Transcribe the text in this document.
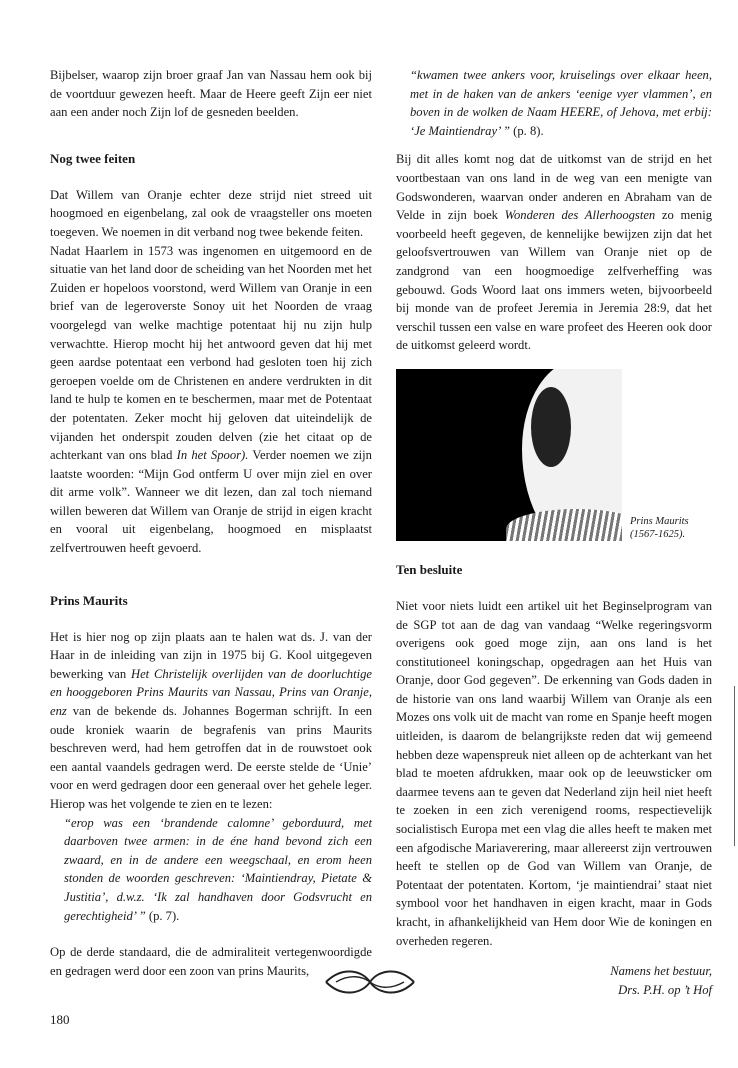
Bijbelser, waarop zijn broer graaf Jan van Nassau hem ook bij de voortduur gewezen heeft. Maar de Heere geeft Zijn eer niet aan een ander noch Zijn lof de gesneden beelden.

Nog twee feiten

Dat Willem van Oranje echter deze strijd niet streed uit hoogmoed en eigenbelang, zal ook de vraagsteller ons moeten toegeven. We noemen in dit verband nog twee bekende feiten.

Nadat Haarlem in 1573 was ingenomen en uitgemoord en de situatie van het land door de scheiding van het Noorden met het Zuiden er hopeloos voorstond, werd Willem van Oranje in een brief van de legeroverste Sonoy uit het Noorden de vraag voorgelegd van welke machtige potentaat hij nu zijn hulp verwachtte. Hierop mocht hij het antwoord geven dat hij met geen aardse potentaat een verbond had gesloten toen hij zich geroepen voelde om de Christenen en andere verdrukten in dit land te hulp te komen en te beschermen, maar met de Potentaat der potentaten. Zeker mocht hij geloven dat uiteindelijk de vijanden het onderspit zouden delven (zie het citaat op de achterkant van ons blad In het Spoor). Verder noemen we zijn laatste woorden: “Mijn God ontferm U over mijn ziel en over dit arme volk”. Wanneer we dit lezen, dan zal toch niemand willen beweren dat Willem van Oranje de strijd in eigen kracht en vooral uit eigenbelang, hoogmoed en misplaatst zelfvertrouwen heeft gevoerd.

Prins Maurits

Het is hier nog op zijn plaats aan te halen wat ds. J. van der Haar in de inleiding van zijn in 1975 bij G. Kool uitgegeven bewerking van Het Christelijk overlijden van de doorluchtige en hooggeboren Prins Maurits van Nassau, Prins van Oranje, enz van de bekende ds. Johannes Bogerman schrijft. In een oude kroniek waarin de begrafenis van prins Maurits beschreven werd, had hem getroffen dat in de rouwstoet ook een aantal vaandels gedragen werd. De eerste stelde de ‘Unie’ voor en werd gedragen door een generaal over het gehele leger. Hierop was het volgende te zien en te lezen:

“erop was een ‘brandende calomne’ geborduurd, met daarboven twee armen: in de éne hand bevond zich een zwaard, en in de andere een weegschaal, en erom heen stonden de woorden geschreven: ‘Maintiendray, Pietate & Justitia’, d.w.z. ‘Ik zal handhaven door Godsvrucht en gerechtigheid’ ” (p. 7).

Op de derde standaard, die de admiraliteit vertegenwoordigde en gedragen werd door een zoon van prins Maurits,

“kwamen twee ankers voor, kruiselings over elkaar heen, met in de haken van de ankers ‘eenige vyer vlammen’, en boven in de wolken de Naam HEERE, of Jehova, met erbij: ‘Je Maintiendray’ ” (p. 8).

Bij dit alles komt nog dat de uitkomst van de strijd en het voortbestaan van ons land in de weg van een menigte van Godswonderen, waarvan onder anderen en Abraham van de Velde in zijn boek Wonderen des Allerhoogsten zo menig voorbeeld heeft gegeven, de kennelijke bewijzen zijn dat het geloofsvertrouwen van Willem van Oranje niet op de zandgrond van een hoogmoedige zelfverheffing was gebouwd. Gods Woord laat ons immers weten, bijvoorbeeld bij monde van de profeet Jeremia in Jeremia 28:9, dat het verschil tussen een valse en ware profeet des Heeren ook door de uitkomst geleerd wordt.

Prins Maurits
(1567-1625).
Ten besluite

Niet voor niets luidt een artikel uit het Beginselprogram van de SGP tot aan de dag van vandaag “Welke regeringsvorm overigens ook goed moge zijn, aan ons land is het constitutioneel koningschap, opgedragen aan het Huis van Oranje, door God gegeven”. De erkenning van Gods daden in de historie van ons land waarbij Willem van Oranje als een Mozes ons volk uit de macht van rome en Spanje heeft mogen uitleiden, is daarom de belangrijkste reden dat wij gemeend hebben deze wapenspreuk niet alleen op de achterkant van het blad te moeten afdrukken, maar ook op de leeuwsticker om daarmee tevens aan te geven dat Nederland zijn heil niet heeft te zoeken in een zich verenigend rooms, respectievelijk socialistisch Europa met een vlag die alles heeft te maken met een afgodische Mariaverering, maar allereerst zijn vertrouwen heeft te stellen op de God van Willem van Oranje, de Potentaat der potentaten. Kortom, ‘je maintiendrai’ staat niet symbool voor het handhaven in eigen kracht, maar in Gods kracht, in afhankelijkheid van Hem door Wie de koningen en overheden regeren.

Namens het bestuur,

Drs. P.H. op ’t Hof

180
